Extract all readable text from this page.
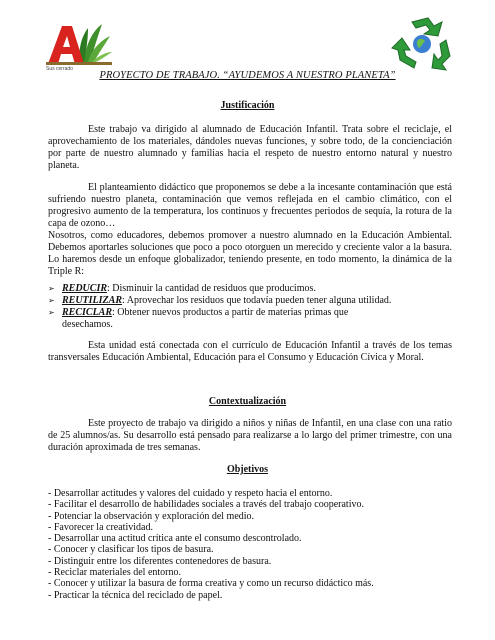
Sus cerrado
PROYECTO DE TRABAJO. “AYUDEMOS A NUESTRO PLANETA”
Justificación

Este trabajo va dirigido al alumnado de Educación Infantil. Trata sobre el reciclaje, el aprovechamiento de los materiales, dándoles nuevas funciones, y sobre todo, de la concienciación por parte de nuestro alumnado y familias hacia el respeto de nuestro entorno natural y nuestro planeta.

El planteamiento didáctico que proponemos se debe a la incesante contaminación que está sufriendo nuestro planeta, contaminación que vemos reflejada en el cambio climático, con el progresivo aumento de la temperatura, los continuos y frecuentes periodos de sequía, la rotura de la capa de ozono…

Nosotros, como educadores, debemos promover a nuestro alumnado en la Educación Ambiental. Debemos aportarles soluciones que poco a poco otorguen un merecido y creciente valor a la basura. Lo haremos desde un enfoque globalizador, teniendo presente, en todo momento, la dinámica de la Triple R:

➢ REDUCIR: Disminuir la cantidad de residuos que producimos.
➢ REUTILIZAR: Aprovechar los residuos que todavía pueden tener alguna utilidad.
➢ RECICLAR: Obtener nuevos productos a partir de materias primas que
desechamos.

Esta unidad está conectada con el currículo de Educación Infantil a través de los temas transversales Educación Ambiental, Educación para el Consumo y Educación Cívica y Moral.

Contextualización

Este proyecto de trabajo va dirigido a niños y niñas de Infantil, en una clase con una ratio de 25 alumnos/as. Su desarrollo está pensado para realizarse a lo largo del primer trimestre, con una duración aproximada de tres semanas.

Objetivos
- Desarrollar actitudes y valores del cuidado y respeto hacia el entorno.
- Facilitar el desarrollo de habilidades sociales a través del trabajo cooperativo.
- Potenciar la observación y exploración del medio.
- Favorecer la creatividad.
- Desarrollar una actitud crítica ante el consumo descontrolado.
- Conocer y clasificar los tipos de basura.
- Distinguir entre los diferentes contenedores de basura.
- Reciclar materiales del entorno.
- Conocer y utilizar la basura de forma creativa y como un recurso didáctico más.
- Practicar la técnica del reciclado de papel.
